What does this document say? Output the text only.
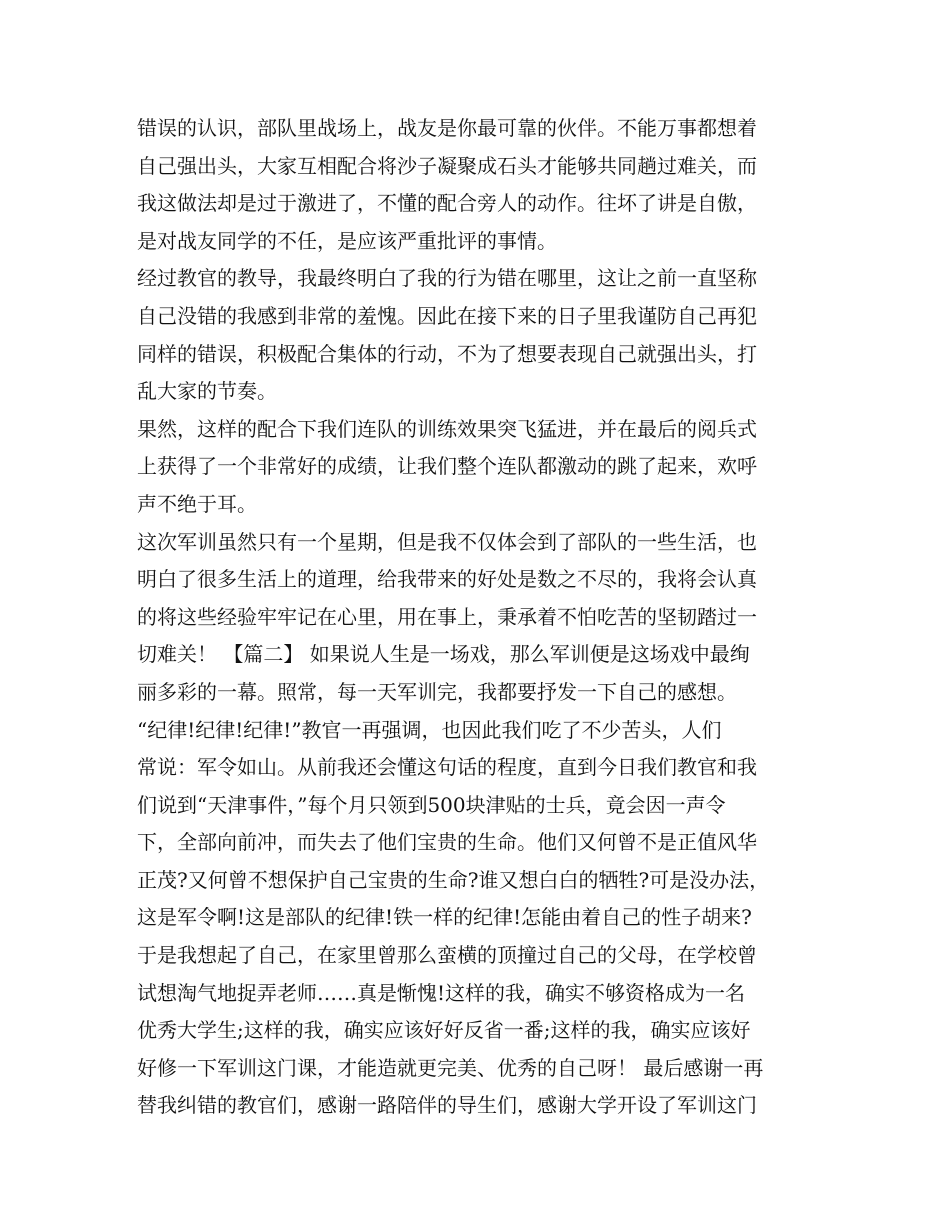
错误的认识，部队里战场上，战友是你最可靠的伙伴。不能万事都想着
自己强出头，大家互相配合将沙子凝聚成石头才能够共同趟过难关，而
我这做法却是过于激进了，不懂的配合旁人的动作。往坏了讲是自傲，
是对战友同学的不任，是应该严重批评的事情。
经过教官的教导，我最终明白了我的行为错在哪里，这让之前一直坚称
自己没错的我感到非常的羞愧。因此在接下来的日子里我谨防自己再犯
同样的错误，积极配合集体的行动，不为了想要表现自己就强出头，打
乱大家的节奏。
果然，这样的配合下我们连队的训练效果突飞猛进，并在最后的阅兵式
上获得了一个非常好的成绩，让我们整个连队都激动的跳了起来，欢呼
声不绝于耳。
这次军训虽然只有一个星期，但是我不仅体会到了部队的一些生活，也
明白了很多生活上的道理，给我带来的好处是数之不尽的，我将会认真
的将这些经验牢牢记在心里，用在事上，秉承着不怕吃苦的坚韧踏过一
切难关！ 【篇二】 如果说人生是一场戏，那么军训便是这场戏中最绚
丽多彩的一幕。照常，每一天军训完，我都要抒发一下自己的感想。
“纪律!纪律!纪律!”教官一再强调，也因此我们吃了不少苦头，人们
常说：军令如山。从前我还会懂这句话的程度，直到今日我们教官和我
们说到“天津事件，”每个月只领到500块津贴的士兵，竟会因一声令
下，全部向前冲，而失去了他们宝贵的生命。他们又何曾不是正值风华
正茂?又何曾不想保护自己宝贵的生命?谁又想白白的牺牲?可是没办法，
这是军令啊!这是部队的纪律!铁一样的纪律!怎能由着自己的性子胡来?
于是我想起了自己，在家里曾那么蛮横的顶撞过自己的父母，在学校曾
试想淘气地捉弄老师……真是惭愧!这样的我，确实不够资格成为一名
优秀大学生;这样的我，确实应该好好反省一番;这样的我，确实应该好
好修一下军训这门课，才能造就更完美、优秀的自己呀！ 最后感谢一再
替我纠错的教官们，感谢一路陪伴的导生们，感谢大学开设了军训这门
